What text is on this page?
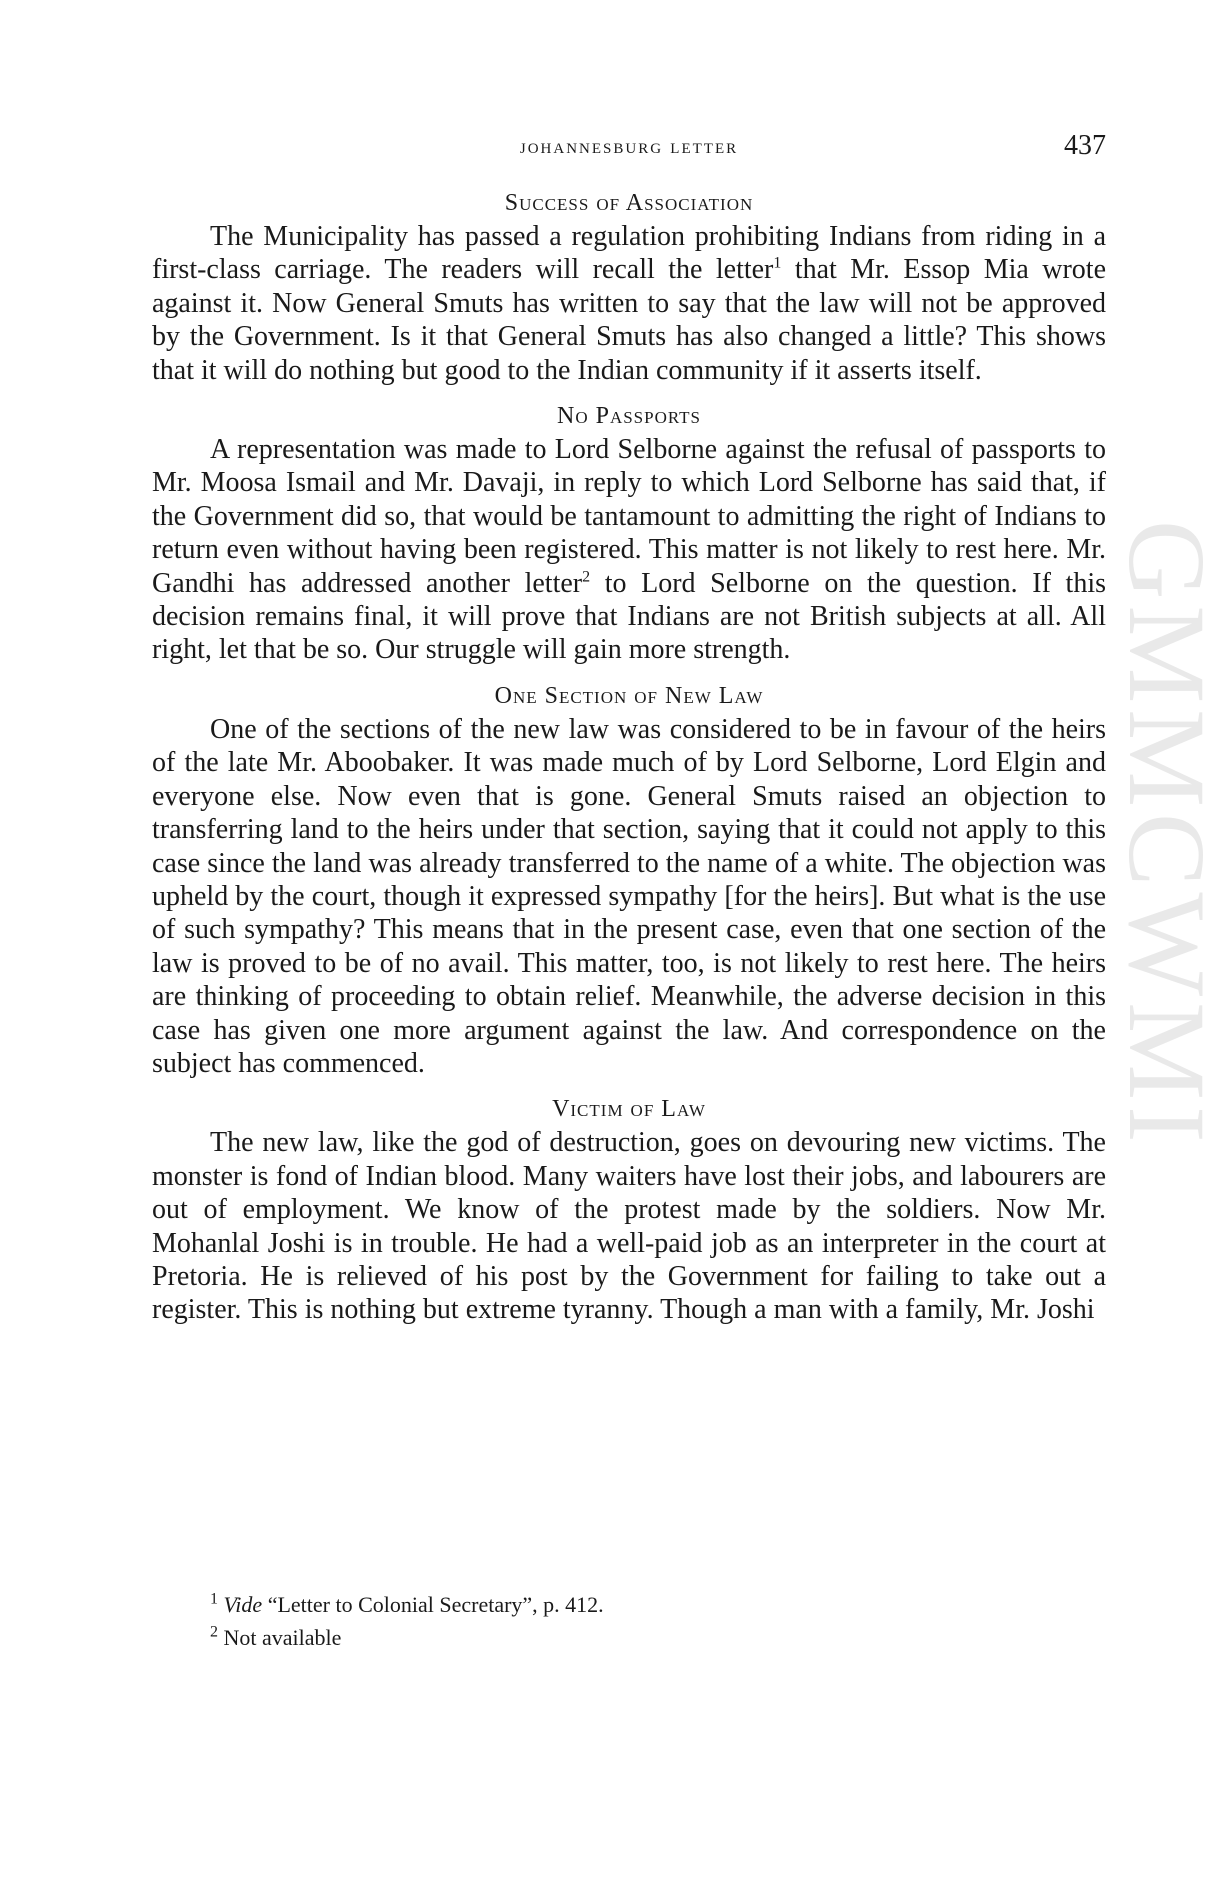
GMMCWMI
johannesburg letter	437
Success of Association

The Municipality has passed a regulation prohibiting Indians from riding in a first-class carriage. The readers will recall the letter$^1$ that Mr. Essop Mia wrote against it. Now General Smuts has written to say that the law will not be approved by the Government. Is it that General Smuts has also changed a little? This shows that it will do nothing but good to the Indian community if it asserts itself.

No Passports

A representation was made to Lord Selborne against the refusal of passports to Mr. Moosa Ismail and Mr. Davaji, in reply to which Lord Selborne has said that, if the Government did so, that would be tantamount to admitting the right of Indians to return even without having been registered. This matter is not likely to rest here. Mr. Gandhi has addressed another letter$^2$ to Lord Selborne on the question. If this decision remains final, it will prove that Indians are not British subjects at all. All right, let that be so. Our struggle will gain more strength.

One Section of New Law

One of the sections of the new law was considered to be in favour of the heirs of the late Mr. Aboobaker. It was made much of by Lord Selborne, Lord Elgin and everyone else. Now even that is gone. General Smuts raised an objection to transferring land to the heirs under that section, saying that it could not apply to this case since the land was already transferred to the name of a white. The objection was upheld by the court, though it expressed sympathy [for the heirs]. But what is the use of such sympathy? This means that in the present case, even that one section of the law is proved to be of no avail. This matter, too, is not likely to rest here. The heirs are thinking of proceeding to obtain relief. Meanwhile, the adverse decision in this case has given one more argument against the law. And correspondence on the subject has commenced.

Victim of Law

The new law, like the god of destruction, goes on devouring new victims. The monster is fond of Indian blood. Many waiters have lost their jobs, and labourers are out of employment. We know of the protest made by the soldiers. Now Mr. Mohanlal Joshi is in trouble. He had a well-paid job as an interpreter in the court at Pretoria. He is relieved of his post by the Government for failing to take out a register. This is nothing but extreme tyranny. Though a man with a family, Mr. Joshi

$^1$ Vide “Letter to Colonial Secretary”, p. 412.

$^2$ Not available
